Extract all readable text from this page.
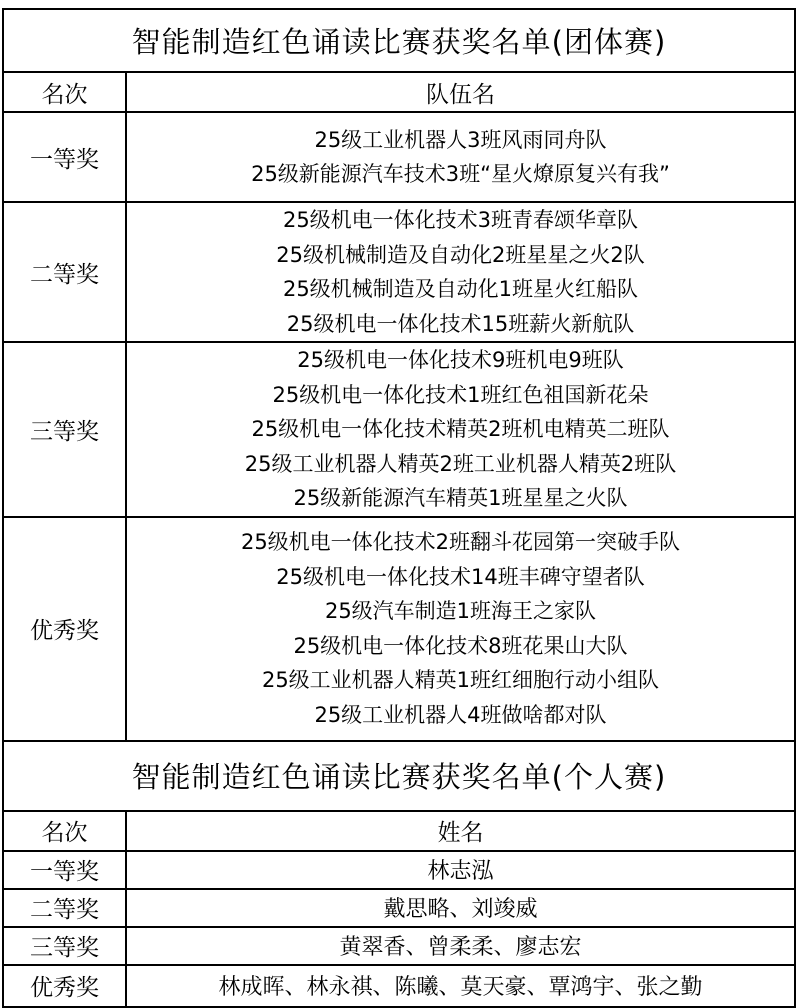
智能制造红色诵读比赛获奖名单(团体赛)	
名次	队伍名
一等奖	25级工业机器人3班风雨同舟队
25级新能源汽车技术3班“星火燎原复兴有我”

二等奖	25级机电一体化技术3班青春颂华章队
25级机械制造及自动化2班星星之火2队
25级机械制造及自动化1班星火红船队
25级机电一体化技术15班薪火新航队

三等奖	25级机电一体化技术9班机电9班队
25级机电一体化技术1班红色祖国新花朵
25级机电一体化技术精英2班机电精英二班队
25级工业机器人精英2班工业机器人精英2班队
25级新能源汽车精英1班星星之火队

优秀奖	
25级机电一体化技术2班翻斗花园第一突破手队
25级机电一体化技术14班丰碑守望者队
25级汽车制造1班海王之家队
25级机电一体化技术8班花果山大队
25级工业机器人精英1班红细胞行动小组队
25级工业机器人4班做啥都对队

智能制造红色诵读比赛获奖名单(个人赛)	
名次	姓名
一等奖	林志泓
二等奖	戴思略、刘竣威
三等奖	黄翠香、曾柔柔、廖志宏
优秀奖	林成晖、林永祺、陈曦、莫天豪、覃鸿宇、张之勤
